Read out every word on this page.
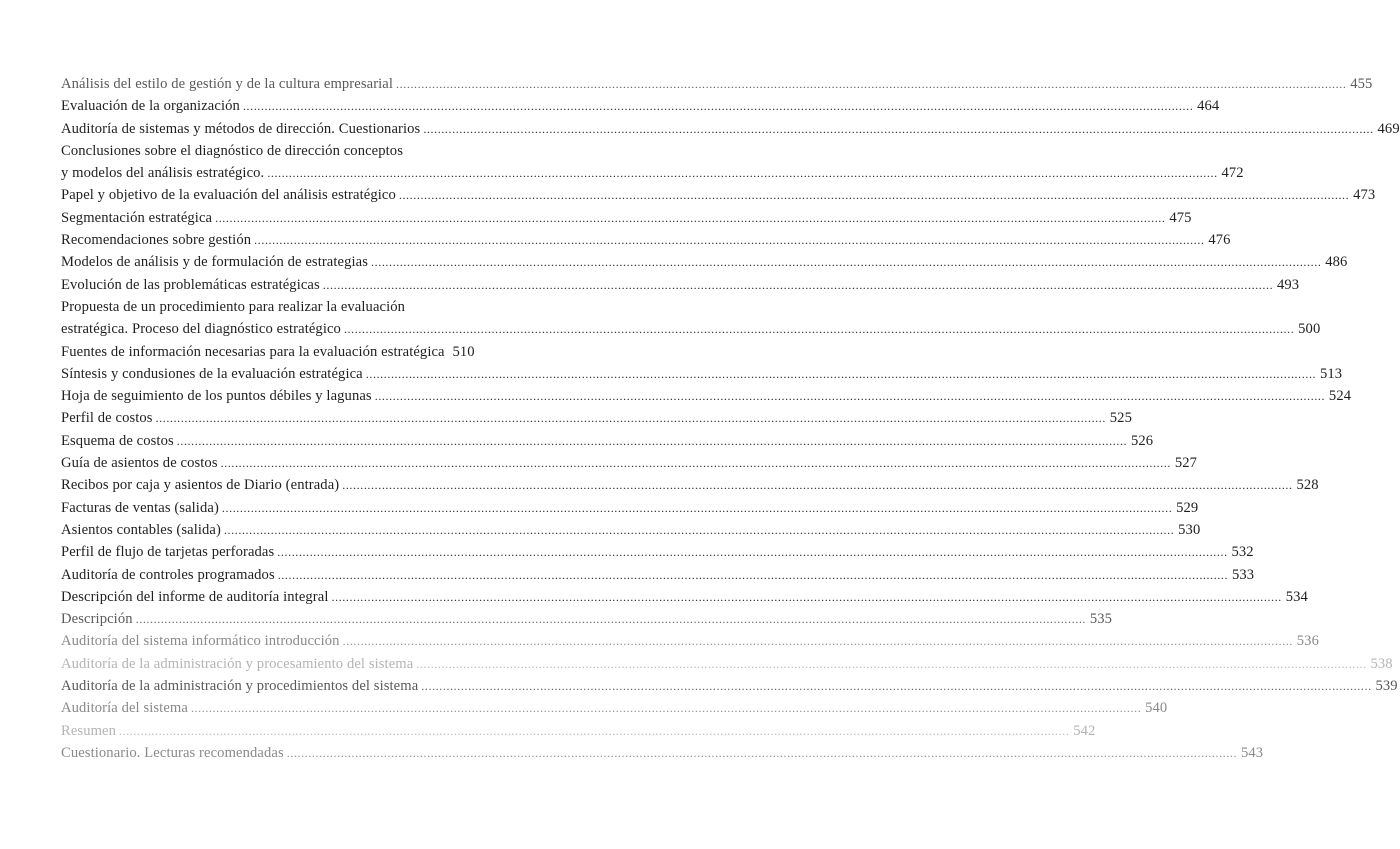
Análisis del estilo de gestión y de la cultura empresarial .....	455
Evaluación de la organización .....	464
Auditoría de sistemas y métodos de dirección. Cuestionarios .....	469
Conclusiones sobre el diagnóstico de dirección conceptos
y modelos del análisis estratégico. .....	472
Papel y objetivo de la evaluación del análisis estratégico .....	473
Segmentación estratégica .....	475
Recomendaciones sobre gestión .....	476
Modelos de análisis y de formulación de estrategias .....	486
Evolución de las problemáticas estratégicas .....	493
Propuesta de un procedimiento para realizar la evaluación
estratégica. Proceso del diagnóstico estratégico .....	500
Fuentes de información necesarias para la evaluación estratégica 510
Síntesis y condusiones de la evaluación estratégica .....	513
Hoja de seguimiento de los puntos débiles y lagunas .....	524
Perfil de costos .....	525
Esquema de costos .....	526
Guía de asientos de costos .....	527
Recibos por caja y asientos de Diario (entrada) .....	528
Facturas de ventas (salida) .....	529
Asientos contables (salida) .....	530
Perfil de flujo de tarjetas perforadas .....	532
Auditoría de controles programados .....	533
Descripción del informe de auditoría integral .....	534
Descripción .....	535
Auditoría del sistema informático introducción .....	536
Auditoría de la administración y procesamiento del sistema .....	538
Auditoría de la administración y procedimientos del sistema .....	539
Auditoría del sistema .....	540
Resumen .....	542
Cuestionario. Lecturas recomendadas .....	543
